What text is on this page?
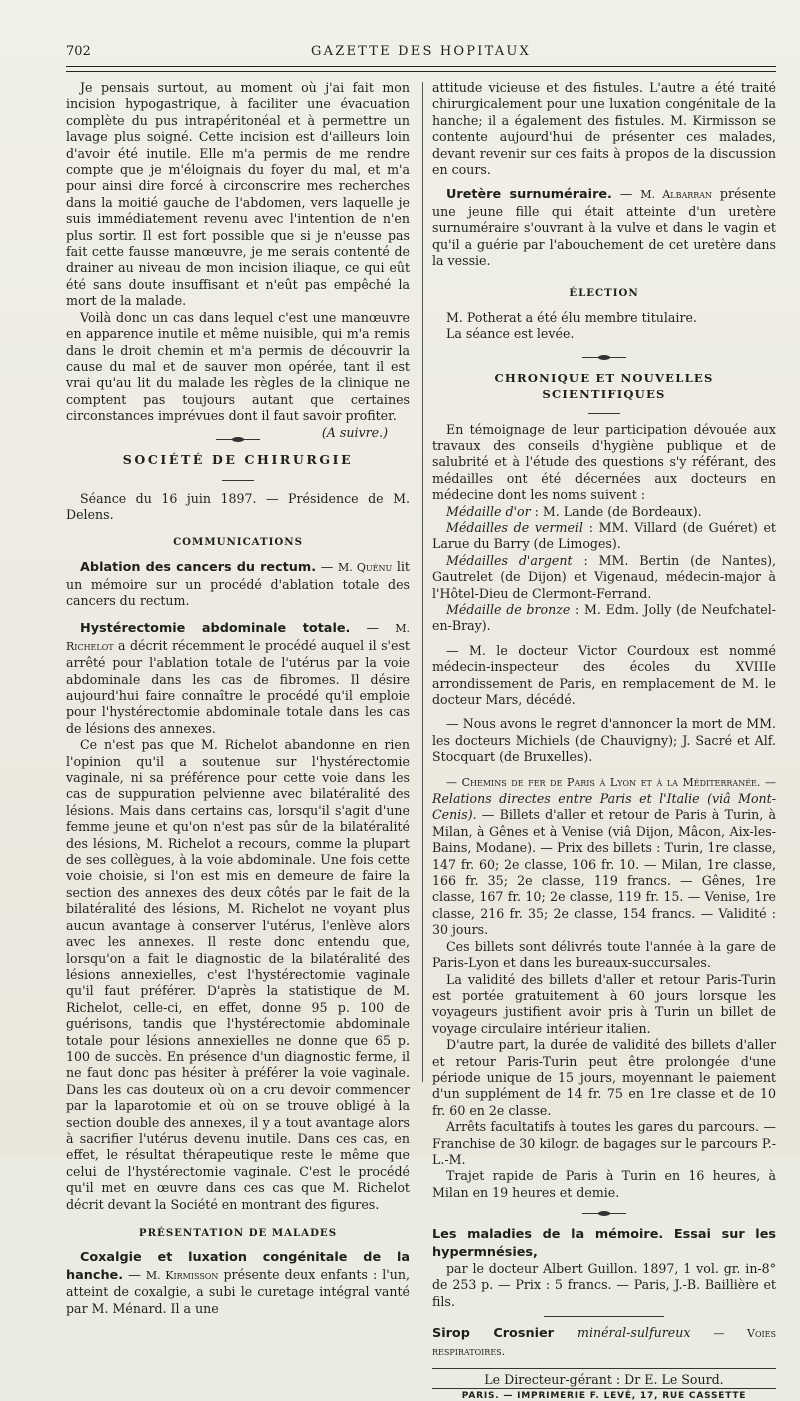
702	GAZETTE DES HOPITAUX

Je pensais surtout, au moment où j'ai fait mon incision hypogastrique, à faciliter une évacuation complète du pus intrapéritonéal et à permettre un lavage plus soigné. Cette incision est d'ailleurs loin d'avoir été inutile. Elle m'a permis de me rendre compte que je m'éloignais du foyer du mal, et m'a pour ainsi dire forcé à circonscrire mes recherches dans la moitié gauche de l'abdomen, vers laquelle je suis immédiatement revenu avec l'intention de n'en plus sortir. Il est fort possible que si je n'eusse pas fait cette fausse manœuvre, je me serais contenté de drainer au niveau de mon incision iliaque, ce qui eût été sans doute insuffisant et n'eût pas empêché la mort de la malade.

Voilà donc un cas dans lequel c'est une manœuvre en apparence inutile et même nuisible, qui m'a remis dans le droit chemin et m'a permis de découvrir la cause du mal et de sauver mon opérée, tant il est vrai qu'au lit du malade les règles de la clinique ne comptent pas toujours autant que certaines circonstances imprévues dont il faut savoir profiter.
(A suivre.)

SOCIÉTÉ DE CHIRURGIE

Séance du 16 juin 1897. — Présidence de M. Delens.

COMMUNICATIONS

Ablation des cancers du rectum. — M. Quénu lit un mémoire sur un procédé d'ablation totale des cancers du rectum.

Hystérectomie abdominale totale. — M. Richelot a décrit récemment le procédé auquel il s'est arrêté pour l'ablation totale de l'utérus par la voie abdominale dans les cas de fibromes. Il désire aujourd'hui faire connaître le procédé qu'il emploie pour l'hystérectomie abdominale totale dans les cas de lésions des annexes.

Ce n'est pas que M. Richelot abandonne en rien l'opinion qu'il a soutenue sur l'hystérectomie vaginale, ni sa préférence pour cette voie dans les cas de suppuration pelvienne avec bilatéralité des lésions. Mais dans certains cas, lorsqu'il s'agit d'une femme jeune et qu'on n'est pas sûr de la bilatéralité des lésions, M. Richelot a recours, comme la plupart de ses collègues, à la voie abdominale. Une fois cette voie choisie, si l'on est mis en demeure de faire la section des annexes des deux côtés par le fait de la bilatéralité des lésions, M. Richelot ne voyant plus aucun avantage à conserver l'utérus, l'enlève alors avec les annexes. Il reste donc entendu que, lorsqu'on a fait le diagnostic de la bilatéralité des lésions annexielles, c'est l'hystérectomie vaginale qu'il faut préférer. D'après la statistique de M. Richelot, celle-ci, en effet, donne 95 p. 100 de guérisons, tandis que l'hystérectomie abdominale totale pour lésions annexielles ne donne que 65 p. 100 de succès. En présence d'un diagnostic ferme, il ne faut donc pas hésiter à préférer la voie vaginale. Dans les cas douteux où on a cru devoir commencer par la laparotomie et où on se trouve obligé à la section double des annexes, il y a tout avantage alors à sacrifier l'utérus devenu inutile. Dans ces cas, en effet, le résultat thérapeutique reste le même que celui de l'hystérectomie vaginale. C'est le procédé qu'il met en œuvre dans ces cas que M. Richelot décrit devant la Société en montrant des figures.

PRÉSENTATION DE MALADES

Coxalgie et luxation congénitale de la hanche. — M. Kirmisson présente deux enfants : l'un, atteint de coxalgie, a subi le curetage intégral vanté par M. Ménard. Il a une

attitude vicieuse et des fistules. L'autre a été traité chirurgicalement pour une luxation congénitale de la hanche; il a également des fistules. M. Kirmisson se contente aujourd'hui de présenter ces malades, devant revenir sur ces faits à propos de la discussion en cours.

Uretère surnuméraire. — M. Albarran présente une jeune fille qui était atteinte d'un uretère surnuméraire s'ouvrant à la vulve et dans le vagin et qu'il a guérie par l'abouchement de cet uretère dans la vessie.

ÉLECTION

M. Potherat a été élu membre titulaire.

La séance est levée.

CHRONIQUE ET NOUVELLES SCIENTIFIQUES

En témoignage de leur participation dévouée aux travaux des conseils d'hygiène publique et de salubrité et à l'étude des questions s'y référant, des médailles ont été décernées aux docteurs en médecine dont les noms suivent :

Médaille d'or : M. Lande (de Bordeaux).

Médailles de vermeil : MM. Villard (de Guéret) et Larue du Barry (de Limoges).

Médailles d'argent : MM. Bertin (de Nantes), Gautrelet (de Dijon) et Vigenaud, médecin-major à l'Hôtel-Dieu de Clermont-Ferrand.

Médaille de bronze : M. Edm. Jolly (de Neufchatel-en-Bray).

— M. le docteur Victor Courdoux est nommé médecin-inspecteur des écoles du XVIIIe arrondissement de Paris, en remplacement de M. le docteur Mars, décédé.

— Nous avons le regret d'annoncer la mort de MM. les docteurs Michiels (de Chauvigny); J. Sacré et Alf. Stocquart (de Bruxelles).

— Chemins de fer de Paris à Lyon et à la Méditerranée. — Relations directes entre Paris et l'Italie (viâ Mont-Cenis). — Billets d'aller et retour de Paris à Turin, à Milan, à Gênes et à Venise (viâ Dijon, Mâcon, Aix-les-Bains, Modane). — Prix des billets : Turin, 1re classe, 147 fr. 60; 2e classe, 106 fr. 10. — Milan, 1re classe, 166 fr. 35; 2e classe, 119 francs. — Gênes, 1re classe, 167 fr. 10; 2e classe, 119 fr. 15. — Venise, 1re classe, 216 fr. 35; 2e classe, 154 francs. — Validité : 30 jours.

Ces billets sont délivrés toute l'année à la gare de Paris-Lyon et dans les bureaux-succursales.

La validité des billets d'aller et retour Paris-Turin est portée gratuitement à 60 jours lorsque les voyageurs justifient avoir pris à Turin un billet de voyage circulaire intérieur italien.

D'autre part, la durée de validité des billets d'aller et retour Paris-Turin peut être prolongée d'une période unique de 15 jours, moyennant le paiement d'un supplément de 14 fr. 75 en 1re classe et de 10 fr. 60 en 2e classe.

Arrêts facultatifs à toutes les gares du parcours. — Franchise de 30 kilogr. de bagages sur le parcours P.-L.-M.

Trajet rapide de Paris à Turin en 16 heures, à Milan en 19 heures et demie.

Les maladies de la mémoire. Essai sur les hypermnésies,

par le docteur Albert Guillon. 1897, 1 vol. gr. in-8° de 253 p. — Prix : 5 francs. — Paris, J.-B. Baillière et fils.

Sirop Crosnier minéral-sulfureux — Voies respiratoires.

Le Directeur-gérant : Dr E. Le Sourd.

PARIS. — IMPRIMERIE F. LEVÉ, 17, RUE CASSETTE
